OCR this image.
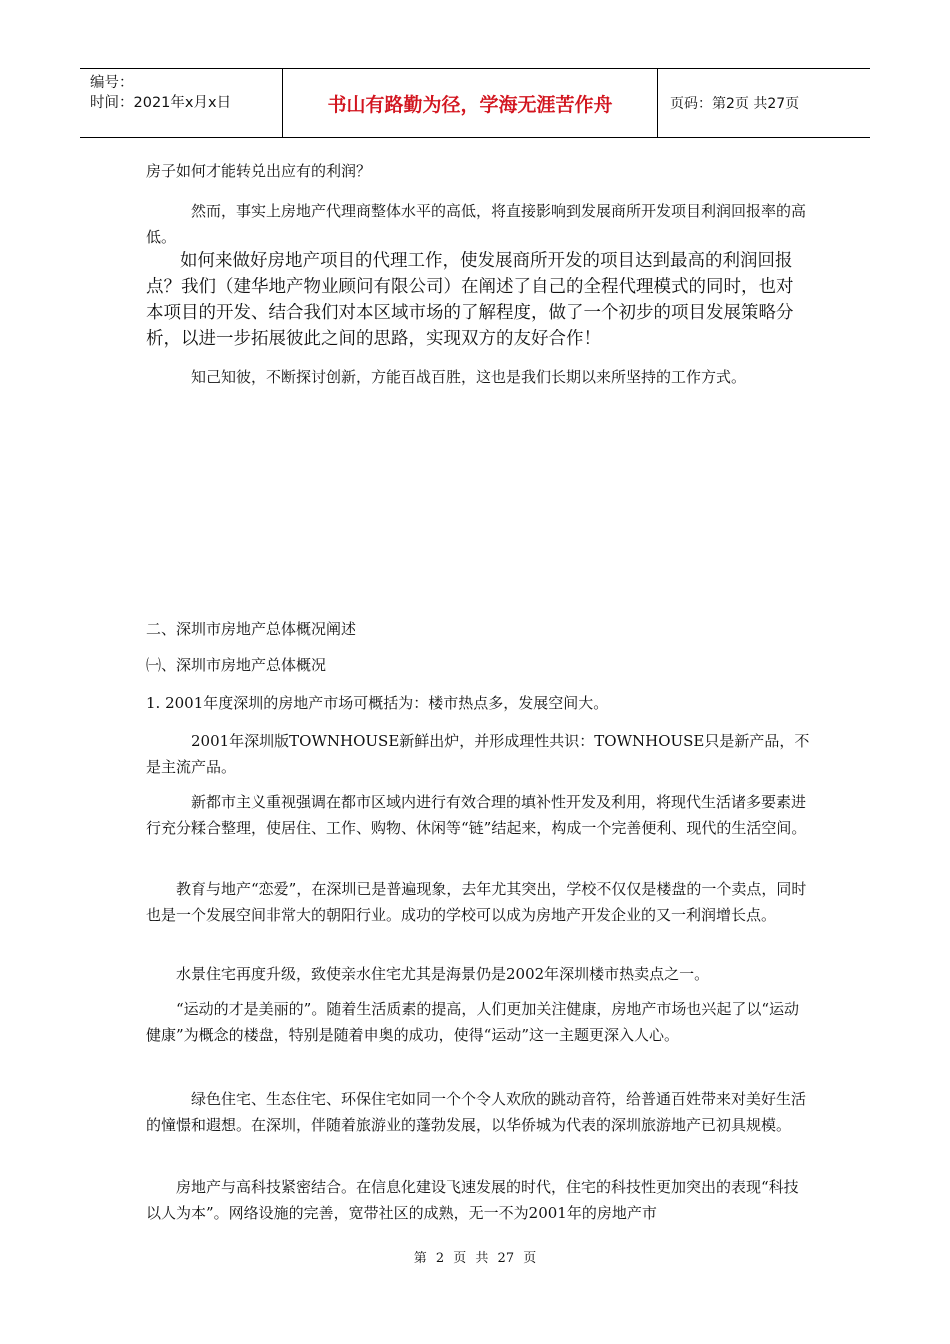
编号：
时间：2021年x月x日	书山有路勤为径，学海无涯苦作舟	页码：第2页 共27页

房子如何才能转兑出应有的利润？

然而，事实上房地产代理商整体水平的高低，将直接影响到发展商所开发项目利润回报率的高低。

如何来做好房地产项目的代理工作，使发展商所开发的项目达到最高的利润回报点？我们（建华地产物业顾问有限公司）在阐述了自己的全程代理模式的同时，也对本项目的开发、结合我们对本区域市场的了解程度，做了一个初步的项目发展策略分析，以进一步拓展彼此之间的思路，实现双方的友好合作！

知己知彼，不断探讨创新，方能百战百胜，这也是我们长期以来所坚持的工作方式。

二、深圳市房地产总体概况阐述

㈠、深圳市房地产总体概况

1. 2001年度深圳的房地产市场可概括为：楼市热点多，发展空间大。

2001年深圳版TOWNHOUSE新鲜出炉，并形成理性共识：TOWNHOUSE只是新产品，不是主流产品。

新都市主义重视强调在都市区域内进行有效合理的填补性开发及利用，将现代生活诸多要素进行充分糅合整理，使居住、工作、购物、休闲等“链”结起来，构成一个完善便利、现代的生活空间。

教育与地产“恋爱”，在深圳已是普遍现象，去年尤其突出，学校不仅仅是楼盘的一个卖点，同时也是一个发展空间非常大的朝阳行业。成功的学校可以成为房地产开发企业的又一利润增长点。

水景住宅再度升级，致使亲水住宅尤其是海景仍是2002年深圳楼市热卖点之一。

“运动的才是美丽的”。随着生活质素的提高，人们更加关注健康，房地产市场也兴起了以“运动健康”为概念的楼盘，特别是随着申奥的成功，使得“运动”这一主题更深入人心。

绿色住宅、生态住宅、环保住宅如同一个个令人欢欣的跳动音符，给普通百姓带来对美好生活的憧憬和遐想。在深圳，伴随着旅游业的蓬勃发展，以华侨城为代表的深圳旅游地产已初具规模。

房地产与高科技紧密结合。在信息化建设飞速发展的时代，住宅的科技性更加突出的表现“科技以人为本”。网络设施的完善，宽带社区的成熟，无一不为2001年的房地产市

第 2 页 共 27 页
